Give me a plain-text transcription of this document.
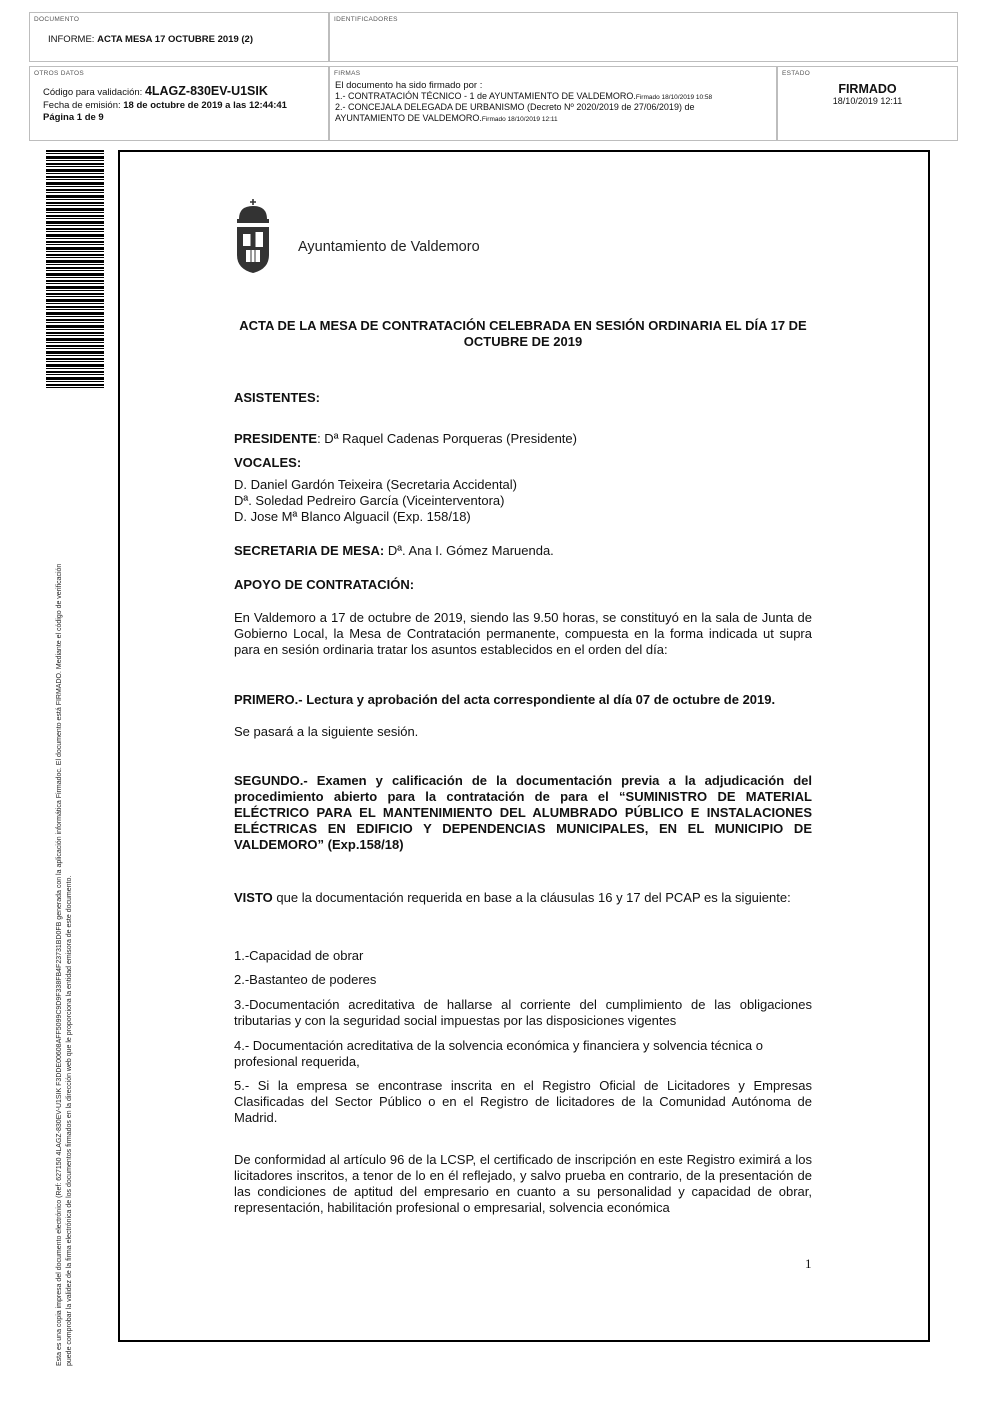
DOCUMENTO
INFORME: ACTA MESA 17 OCTUBRE 2019 (2)
IDENTIFICADORES
OTROS DATOS
Código para validación: 4LAGZ-830EV-U1SIK
Fecha de emisión: 18 de octubre de 2019 a las 12:44:41
Página 1 de 9
FIRMAS
El documento ha sido firmado por :
1.- CONTRATACIÓN TÉCNICO - 1 de AYUNTAMIENTO DE VALDEMORO.Firmado 18/10/2019 10:58
2.- CONCEJALA DELEGADA DE URBANISMO (Decreto Nº 2020/2019 de 27/06/2019) de
AYUNTAMIENTO DE VALDEMORO.Firmado 18/10/2019 12:11
ESTADO
FIRMADO
18/10/2019 12:11
Esta es una copia impresa del documento electrónico (Ref: 627150 4LAGZ-830EV-U1SIK F3DDE00608AFF5099C9D9F338FB4F23731BD0FB generada con la aplicación informática Firmadoc. El documento está FIRMADO. Mediante el código de verificación puede comprobar la validez de la firma electrónica de los documentos firmados en la dirección web que le proporciona la entidad emisora de este documento.
Ayuntamiento de Valdemoro
ACTA DE LA MESA DE CONTRATACIÓN CELEBRADA EN SESIÓN ORDINARIA EL DÍA 17 DE OCTUBRE DE 2019
ASISTENTES:
PRESIDENTE: Dª Raquel Cadenas Porqueras (Presidente)
VOCALES:
D. Daniel Gardón Teixeira (Secretaria Accidental)
Dª. Soledad Pedreiro García (Viceinterventora)
D. Jose Mª Blanco Alguacil (Exp. 158/18)
SECRETARIA DE MESA: Dª. Ana I. Gómez Maruenda.
APOYO DE CONTRATACIÓN:
En Valdemoro a 17 de octubre de 2019, siendo las 9.50 horas, se constituyó en la sala de Junta de Gobierno Local, la Mesa de Contratación permanente, compuesta en la forma indicada ut supra para en sesión ordinaria tratar los asuntos establecidos en el orden del día:
PRIMERO.- Lectura y aprobación del acta correspondiente al día 07 de octubre de 2019.
Se pasará a la siguiente sesión.
SEGUNDO.- Examen y calificación de la documentación previa a la adjudicación del procedimiento abierto para la contratación de para el “SUMINISTRO DE MATERIAL ELÉCTRICO PARA EL MANTENIMIENTO DEL ALUMBRADO PÚBLICO E INSTALACIONES ELÉCTRICAS EN EDIFICIO Y DEPENDENCIAS MUNICIPALES, EN EL MUNICIPIO DE VALDEMORO” (Exp.158/18)
VISTO que la documentación requerida en base a la cláusulas 16 y 17 del PCAP es la siguiente:
1.-Capacidad de obrar
2.-Bastanteo de poderes
3.-Documentación acreditativa de hallarse al corriente del cumplimiento de las obligaciones tributarias y con la seguridad social impuestas por las disposiciones vigentes
4.- Documentación acreditativa de la solvencia económica y financiera y solvencia técnica o profesional requerida,
5.- Si la empresa se encontrase inscrita en el Registro Oficial de Licitadores y Empresas Clasificadas del Sector Público o en el Registro de licitadores de la Comunidad Autónoma de Madrid.
De conformidad al artículo 96 de la LCSP, el certificado de inscripción en este Registro eximirá a los licitadores inscritos, a tenor de lo en él reflejado, y salvo prueba en contrario, de la presentación de las condiciones de aptitud del empresario en cuanto a su personalidad y capacidad de obrar, representación, habilitación profesional o empresarial, solvencia económica
1
